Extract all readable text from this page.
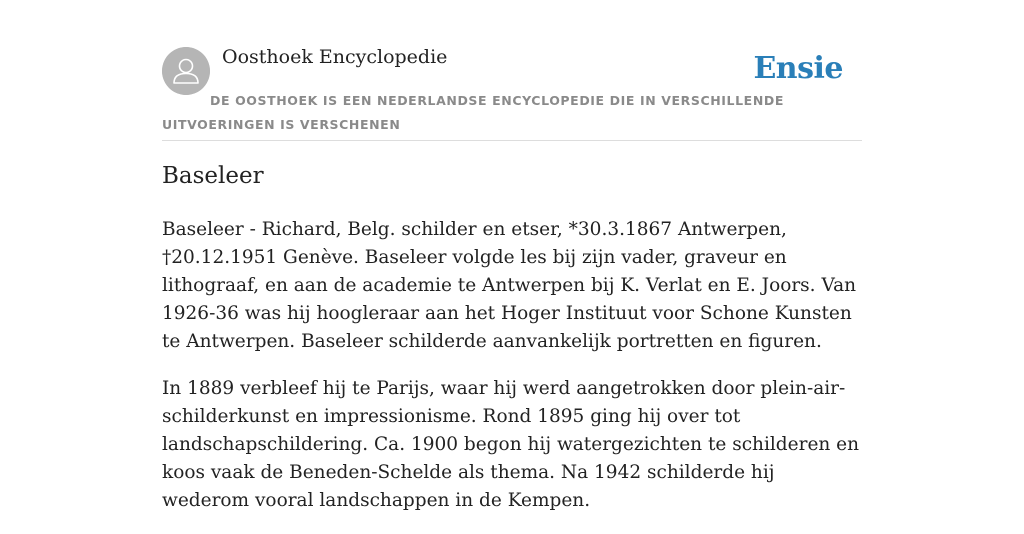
Oosthoek Encyclopedie	Ensie
DE OOSTHOEK IS EEN NEDERLANDSE ENCYCLOPEDIE DIE IN VERSCHILLENDE UITVOERINGEN IS VERSCHENEN
Baseleer

Baseleer - Richard, Belg. schilder en etser, *30.3.1867 Antwerpen, †20.12.1951 Genève. Baseleer volgde les bij zijn vader, graveur en lithograaf, en aan de academie te Antwerpen bij K. Verlat en E. Joors. Van 1926-36 was hij hoogleraar aan het Hoger Instituut voor Schone Kunsten te Antwerpen. Baseleer schilderde aanvankelijk portretten en figuren.

In 1889 verbleef hij te Parijs, waar hij werd aangetrokken door plein-air-schilderkunst en impressionisme. Rond 1895 ging hij over tot landschapschildering. Ca. 1900 begon hij watergezichten te schilderen en koos vaak de Beneden-Schelde als thema. Na 1942 schilderde hij wederom vooral landschappen in de Kempen.
